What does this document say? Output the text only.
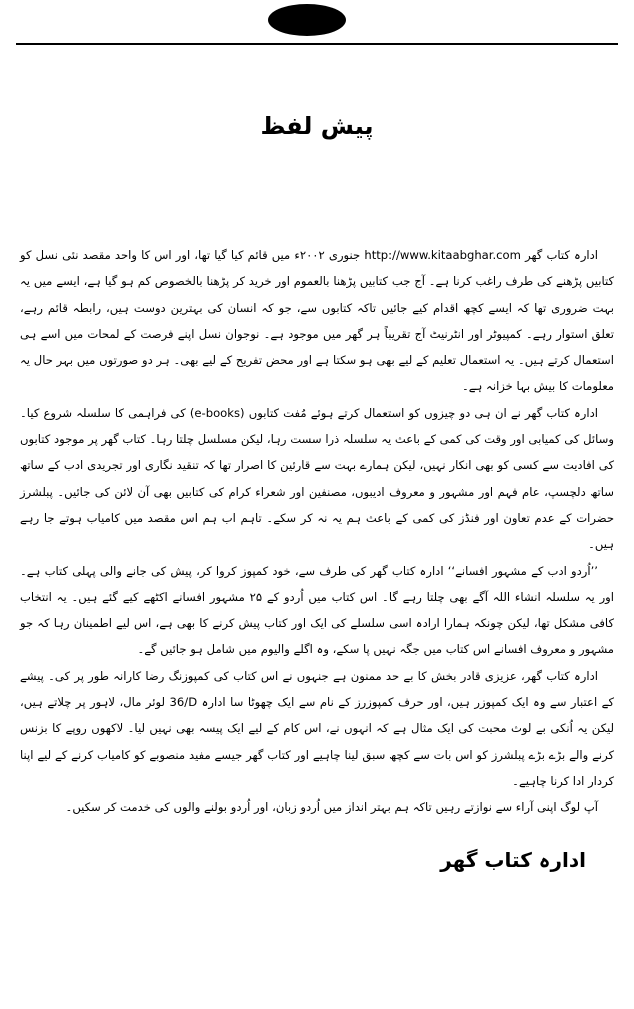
پیش لفظ

ادارہ کتاب گھر http://www.kitaabghar.com جنوری ۲۰۰۲ء میں قائم کیا گیا تھا، اور اس کا واحد مقصد نئی نسل کو کتابیں پڑھنے کی طرف راغب کرنا ہے۔ آج جب کتابیں پڑھنا بالعموم اور خرید کر پڑھنا بالخصوص کم ہو گیا ہے، ایسے میں یہ بہت ضروری تھا کہ ایسے کچھ اقدام کیے جائیں تاکہ کتابوں سے، جو کہ انسان کی بہترین دوست ہیں، رابطہ قائم رہے، تعلق استوار رہے۔ کمپیوٹر اور انٹرنیٹ آج تقریباً ہر گھر میں موجود ہے۔ نوجوان نسل اپنے فرصت کے لمحات میں اسے ہی استعمال کرتے ہیں۔ یہ استعمال تعلیم کے لیے بھی ہو سکتا ہے اور محض تفریح کے لیے بھی۔ ہر دو صورتوں میں بہر حال یہ معلومات کا بیش بہا خزانہ ہے۔

ادارہ کتاب گھر نے ان ہی دو چیزوں کو استعمال کرتے ہوئے مُفت کتابوں (e-books) کی فراہمی کا سلسلہ شروع کیا۔ وسائل کی کمیابی اور وقت کی کمی کے باعث یہ سلسلہ ذرا سست رہا، لیکن مسلسل چلتا رہا۔ کتاب گھر پر موجود کتابوں کی افادیت سے کسی کو بھی انکار نہیں، لیکن ہمارے بہت سے قارئین کا اصرار تھا کہ تنقید نگاری اور تجریدی ادب کے ساتھ ساتھ دلچسپ، عام فہم اور مشہور و معروف ادیبوں، مصنفین اور شعراء کرام کی کتابیں بھی آن لائن کی جائیں۔ پبلشرز حضرات کے عدم تعاون اور فنڈز کی کمی کے باعث ہم یہ نہ کر سکے۔ تاہم اب ہم اس مقصد میں کامیاب ہوتے جا رہے ہیں۔

’’اُردو ادب کے مشہور افسانے‘‘ ادارہ کتاب گھر کی طرف سے، خود کمپوز کروا کر، پیش کی جانے والی پہلی کتاب ہے۔ اور یہ سلسلہ انشاء اللہ آگے بھی چلتا رہے گا۔ اس کتاب میں اُردو کے ۲۵ مشہور افسانے اکٹھے کیے گئے ہیں۔ یہ انتخاب کافی مشکل تھا، لیکن چونکہ ہمارا ارادہ اسی سلسلے کی ایک اور کتاب پیش کرنے کا بھی ہے، اس لیے اطمینان رہا کہ جو مشہور و معروف افسانے اس کتاب میں جگہ نہیں پا سکے، وہ اگلے والیوم میں شامل ہو جائیں گے۔

ادارہ کتاب گھر، عزیزی قادر بخش کا بے حد ممنون ہے جنہوں نے اس کتاب کی کمپوزنگ رضا کارانہ طور پر کی۔ پیشے کے اعتبار سے وہ ایک کمپوزر ہیں، اور حرف کمپوزرز کے نام سے ایک چھوٹا سا ادارہ 36/D لوئر مال، لاہور پر چلاتے ہیں، لیکن یہ اُنکی بے لوث محبت کی ایک مثال ہے کہ انہوں نے، اس کام کے لیے ایک پیسہ بھی نہیں لیا۔ لاکھوں روپے کا بزنس کرنے والے بڑے بڑے پبلشرز کو اس بات سے کچھ سبق لینا چاہیے اور کتاب گھر جیسے مفید منصوبے کو کامیاب کرنے کے لیے اپنا کردار ادا کرنا چاہیے۔

آپ لوگ اپنی آراء سے نوازتے رہیں تاکہ ہم بہتر انداز میں اُردو زبان، اور اُردو بولنے والوں کی خدمت کر سکیں۔

ادارہ کتاب گھر
